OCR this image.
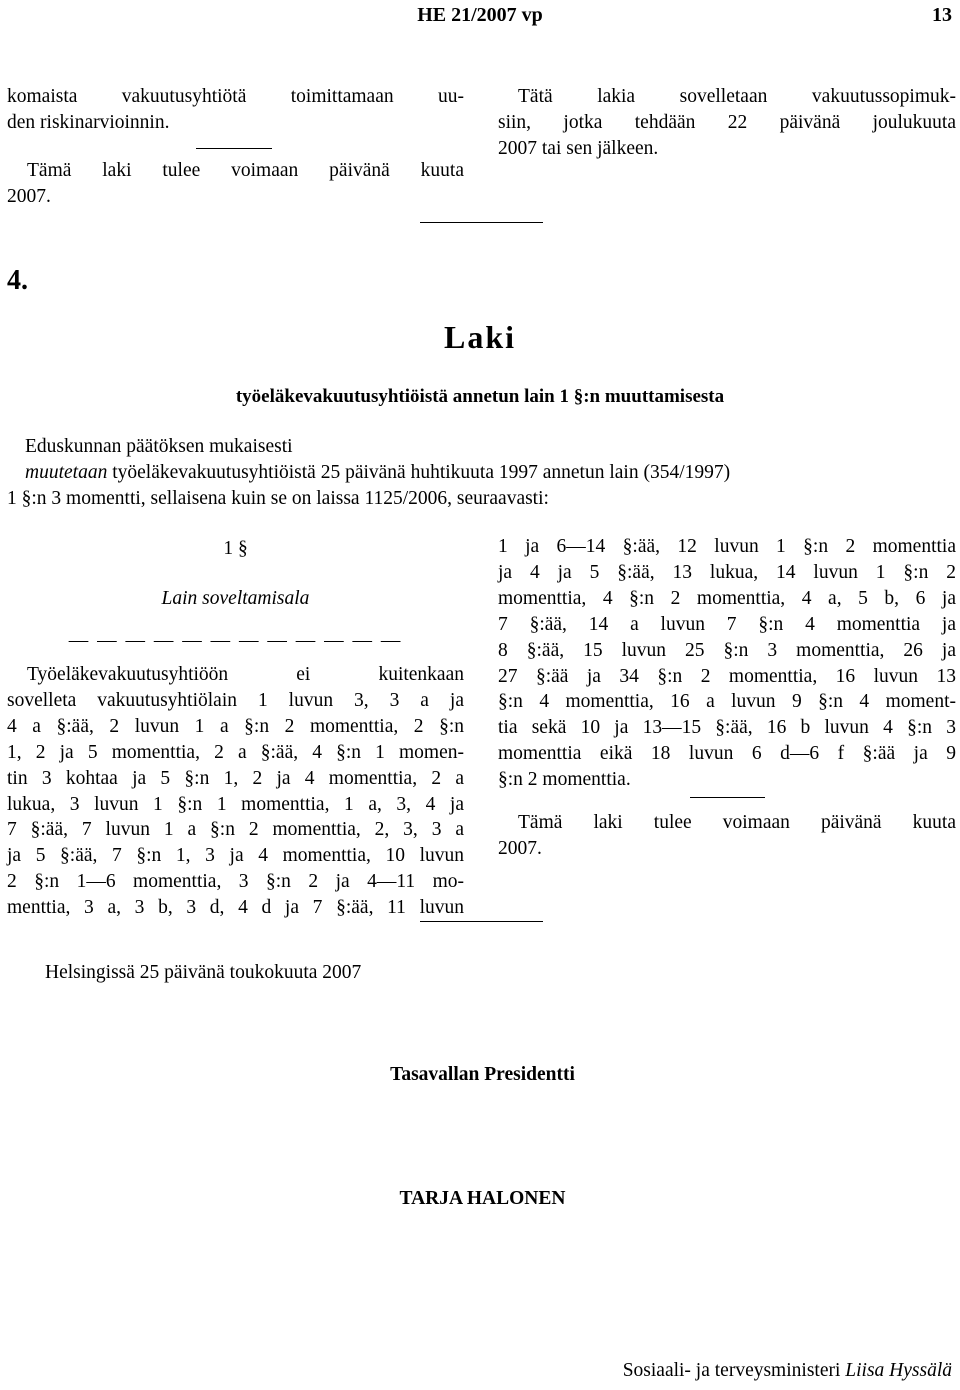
HE 21/2007 vp	13
komaista vakuutusyhtiötä toimittamaan uu-
den riskinarvioinnin.
Tämä laki tulee voimaan päivänä kuuta
2007.
Tätä lakia sovelletaan vakuutussopimuk-
siin, jotka tehdään 22 päivänä joulukuuta
2007 tai sen jälkeen.
4.
Laki
työeläkevakuutusyhtiöistä annetun lain 1 §:n muuttamisesta
Eduskunnan päätöksen mukaisesti
muutetaan työeläkevakuutusyhtiöistä 25 päivänä huhtikuuta 1997 annetun lain (354/1997)
1 §:n 3 momentti, sellaisena kuin se on laissa 1125/2006, seuraavasti:
1 §
Lain soveltamisala
— — — — — — — — — — — —
Työeläkevakuutusyhtiöön ei kuitenkaan
sovelleta vakuutusyhtiölain 1 luvun 3, 3 a ja
4 a §:ää, 2 luvun 1 a §:n 2 momenttia, 2 §:n
1, 2 ja 5 momenttia, 2 a §:ää, 4 §:n 1 momen-
tin 3 kohtaa ja 5 §:n 1, 2 ja 4 momenttia, 2 a
lukua, 3 luvun 1 §:n 1 momenttia, 1 a, 3, 4 ja
7 §:ää, 7 luvun 1 a §:n 2 momenttia, 2, 3, 3 a
ja 5 §:ää, 7 §:n 1, 3 ja 4 momenttia, 10 luvun
2 §:n 1—6 momenttia, 3 §:n 2 ja 4—11 mo-
menttia, 3 a, 3 b, 3 d, 4 d ja 7 §:ää, 11 luvun
1 ja 6—14 §:ää, 12 luvun 1 §:n 2 momenttia
ja 4 ja 5 §:ää, 13 lukua, 14 luvun 1 §:n 2
momenttia, 4 §:n 2 momenttia, 4 a, 5 b, 6 ja
7 §:ää, 14 a luvun 7 §:n 4 momenttia ja
8 §:ää, 15 luvun 25 §:n 3 momenttia, 26 ja
27 §:ää ja 34 §:n 2 momenttia, 16 luvun 13
§:n 4 momenttia, 16 a luvun 9 §:n 4 moment-
tia sekä 10 ja 13—15 §:ää, 16 b luvun 4 §:n 3
momenttia eikä 18 luvun 6 d—6 f §:ää ja 9
§:n 2 momenttia.
Tämä laki tulee voimaan päivänä kuuta
2007.
Helsingissä 25 päivänä toukokuuta 2007
Tasavallan Presidentti
TARJA HALONEN
Sosiaali- ja terveysministeri Liisa Hyssälä
